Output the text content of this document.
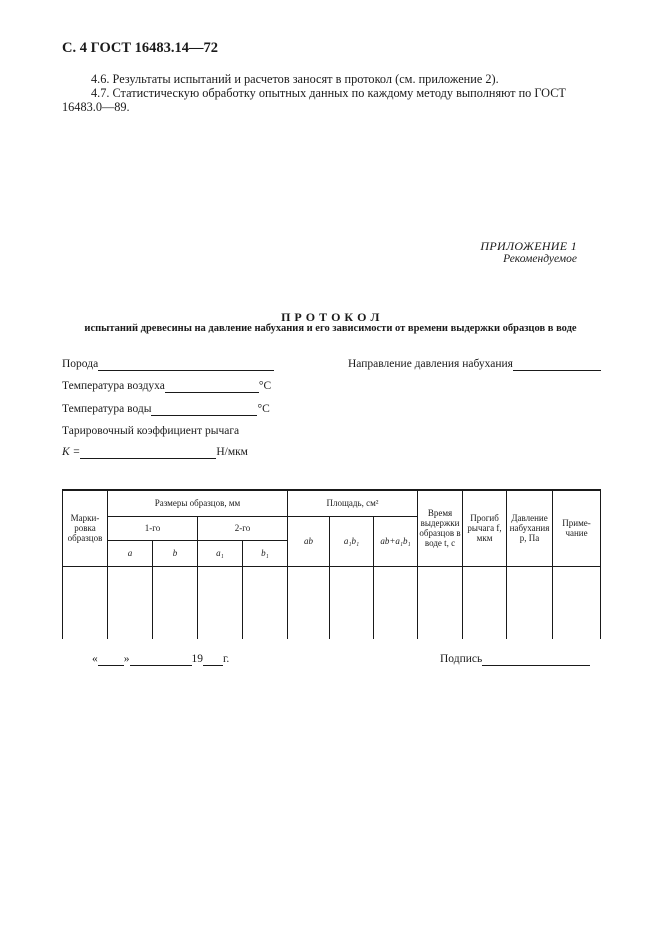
С. 4 ГОСТ 16483.14—72
4.6. Результаты испытаний и расчетов заносят в протокол (см. приложение 2).
4.7. Статистическую обработку опытных данных по каждому методу выполняют по ГОСТ
16483.0—89.
ПРИЛОЖЕНИЕ 1
Рекомендуемое
П Р О Т О К О Л
испытаний древесины на давление набухания и его зависимости от времени выдержки образцов в воде
Порода	Направление давления набухания
Температура воздуха	°С
Температура воды	°С
Тарировочный коэффициент рычага
K =	Н/мкм
Марки-ровка образцов	Размеры образцов, мм				Площадь, см²			Время выдержки образцов в воде t, с	Прогиб рычага f, мкм	Давление набухания p, Па	Приме-чание
	1-го		2-го		ab	a₁b₁	ab+a₁b₁				
	a	b	a₁	b₁							

« »	19 г.	Подпись
